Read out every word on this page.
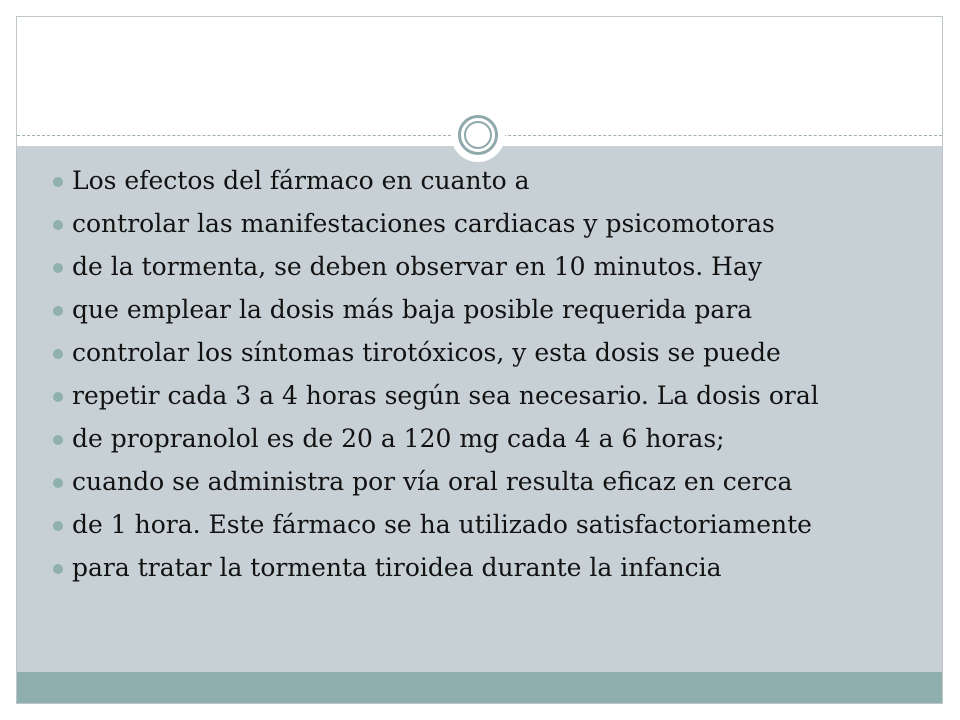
Los efectos del fármaco en cuanto a
controlar las manifestaciones cardiacas y psicomotoras
de la tormenta, se deben observar en 10 minutos. Hay
que emplear la dosis más baja posible requerida para
controlar los síntomas tirotóxicos, y esta dosis se puede
repetir cada 3 a 4 horas según sea necesario. La dosis oral
de propranolol es de 20 a 120 mg cada 4 a 6 horas;
cuando se administra por vía oral resulta eficaz en cerca
de 1 hora. Este fármaco se ha utilizado satisfactoriamente
para tratar la tormenta tiroidea durante la infancia
